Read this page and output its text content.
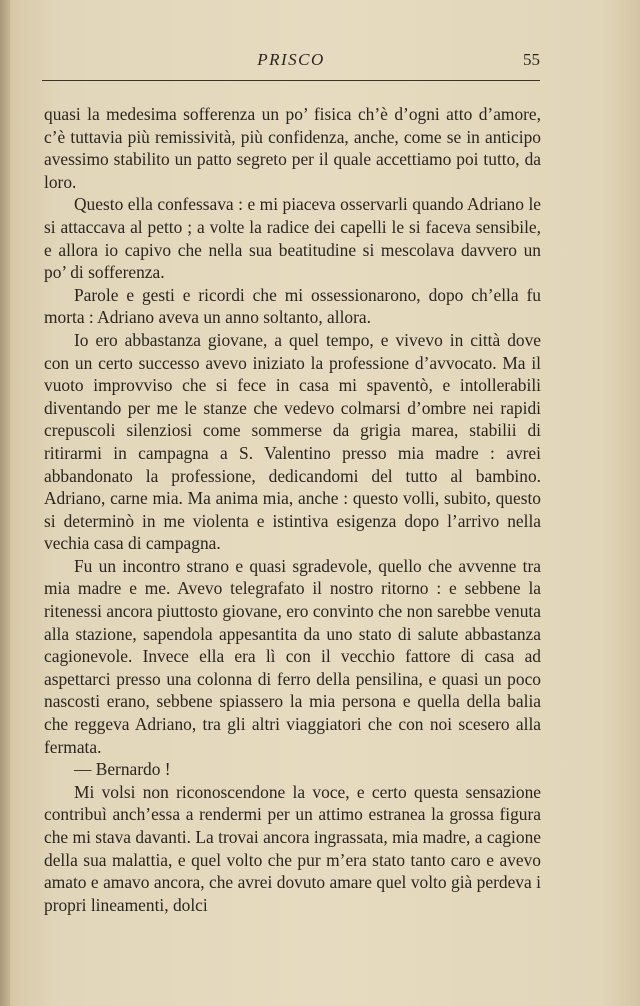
PRISCO	55

quasi la medesima sofferenza un po’ fisica ch’è d’ogni atto d’amore, c’è tuttavia più remissività, più confidenza, anche, come se in anticipo avessimo stabilito un patto segreto per il quale accettiamo poi tutto, da loro.

Questo ella confessava : e mi piaceva osservarli quando Adriano le si attaccava al petto ; a volte la radice dei capelli le si faceva sensibile, e allora io capivo che nella sua beatitudine si mescolava davvero un po’ di sofferenza.

Parole e gesti e ricordi che mi ossessionarono, dopo ch’ella fu morta : Adriano aveva un anno soltanto, allora.

Io ero abbastanza giovane, a quel tempo, e vivevo in città dove con un certo successo avevo iniziato la professione d’avvocato. Ma il vuoto improvviso che si fece in casa mi spaventò, e intollerabili diventando per me le stanze che vedevo colmarsi d’ombre nei rapidi crepuscoli silenziosi come sommerse da grigia marea, stabilii di ritirarmi in campagna a S. Valentino presso mia madre : avrei abbandonato la professione, dedicandomi del tutto al bambino. Adriano, carne mia. Ma anima mia, anche : questo volli, subito, questo si determinò in me violenta e istintiva esigenza dopo l’arrivo nella vechia casa di campagna.

Fu un incontro strano e quasi sgradevole, quello che avvenne tra mia madre e me. Avevo telegrafato il nostro ritorno : e sebbene la ritenessi ancora piuttosto giovane, ero convinto che non sarebbe venuta alla stazione, sapendola appesantita da uno stato di salute abbastanza cagionevole. Invece ella era lì con il vecchio fattore di casa ad aspettarci presso una colonna di ferro della pensilina, e quasi un poco nascosti erano, sebbene spiassero la mia persona e quella della balia che reggeva Adriano, tra gli altri viaggiatori che con noi scesero alla fermata.

— Bernardo !

Mi volsi non riconoscendone la voce, e certo questa sensazione contribuì anch’essa a rendermi per un attimo estranea la grossa figura che mi stava davanti. La trovai ancora ingrassata, mia madre, a cagione della sua malattia, e quel volto che pur m’era stato tanto caro e avevo amato e amavo ancora, che avrei dovuto amare quel volto già perdeva i propri lineamenti, dolci
